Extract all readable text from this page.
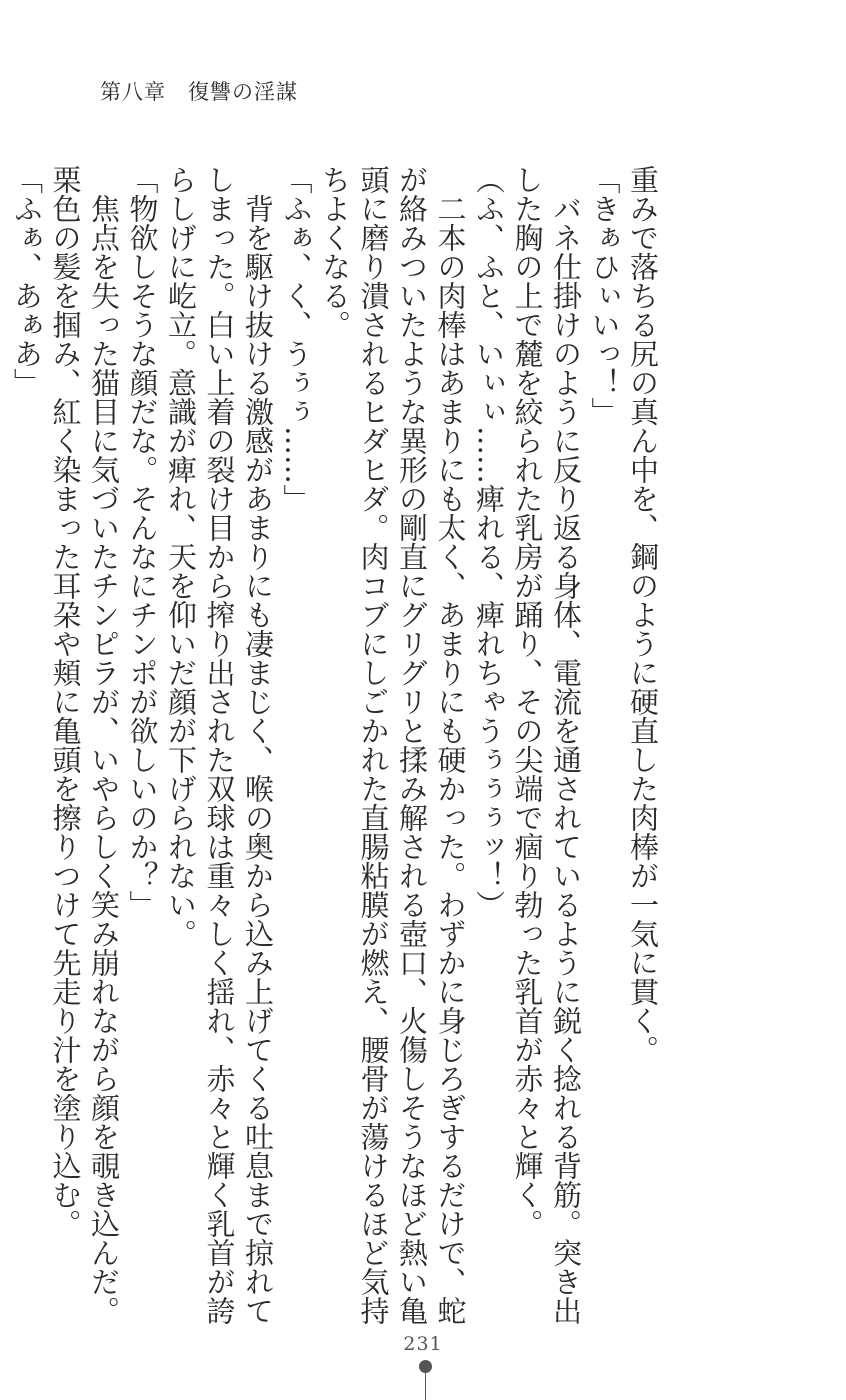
第八章　復讐の淫謀
重みで落ちる尻の真ん中を、鋼のように硬直した肉棒が一気に貫く。
「きぁひぃいっ！」
　バネ仕掛けのように反り返る身体、電流を通されているように鋭く捻れる背筋。突き出
した胸の上で麓を絞られた乳房が踊り、その尖端で痼り勃った乳首が赤々と輝く。
（ふ、ふと、いぃぃ……痺れる、痺れちゃうぅぅぅッ！）
　二本の肉棒はあまりにも太く、あまりにも硬かった。わずかに身じろぎするだけで、蛇
が絡みついたような異形の剛直にグリグリと揉み解される壺口、火傷しそうなほど熱い亀
頭に磨り潰されるヒダヒダ。肉コブにしごかれた直腸粘膜が燃え、腰骨が蕩けるほど気持
ちよくなる。
「ふぁ、く、うぅぅ……」
　背を駆け抜ける激感があまりにも凄まじく、喉の奥から込み上げてくる吐息まで掠れて
しまった。白い上着の裂け目から搾り出された双球は重々しく揺れ、赤々と輝く乳首が誇
らしげに屹立。意識が痺れ、天を仰いだ顔が下げられない。
「物欲しそうな顔だな。そんなにチンポが欲しいのか？」
　焦点を失った猫目に気づいたチンピラが、いやらしく笑み崩れながら顔を覗き込んだ。
栗色の髪を掴み、紅く染まった耳朶や頬に亀頭を擦りつけて先走り汁を塗り込む。
「ふぁ、あぁあ」
231
